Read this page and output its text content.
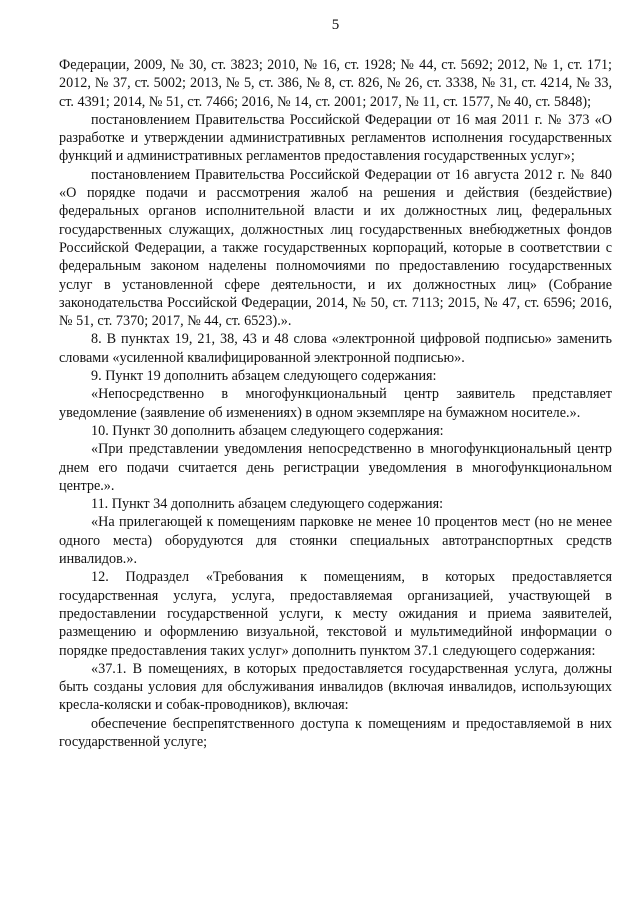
5

Федерации, 2009, № 30, ст. 3823; 2010, № 16, ст. 1928; № 44, ст. 5692; 2012, № 1, ст. 171; 2012, № 37, ст. 5002; 2013, № 5, ст. 386, № 8, ст. 826, № 26, ст. 3338, № 31, ст. 4214, № 33, ст. 4391; 2014, № 51, ст. 7466; 2016, № 14, ст. 2001; 2017, № 11, ст. 1577, № 40, ст. 5848);

постановлением Правительства Российской Федерации от 16 мая 2011 г. № 373 «О разработке и утверждении административных регламентов исполнения государственных функций и административных регламентов предоставления государственных услуг»;

постановлением Правительства Российской Федерации от 16 августа 2012 г. № 840 «О порядке подачи и рассмотрения жалоб на решения и действия (бездействие) федеральных органов исполнительной власти и их должностных лиц, федеральных государственных служащих, должностных лиц государственных внебюджетных фондов Российской Федерации, а также государственных корпораций, которые в соответствии с федеральным законом наделены полномочиями по предоставлению государственных услуг в установленной сфере деятельности, и их должностных лиц» (Собрание законодательства Российской Федерации, 2014, № 50, ст. 7113; 2015, № 47, ст. 6596; 2016, № 51, ст. 7370; 2017, № 44, ст. 6523).».

8. В пунктах 19, 21, 38, 43 и 48 слова «электронной цифровой подписью» заменить словами «усиленной квалифицированной электронной подписью».

9. Пункт 19 дополнить абзацем следующего содержания:

«Непосредственно в многофункциональный центр заявитель представляет уведомление (заявление об изменениях) в одном экземпляре на бумажном носителе.».

10. Пункт 30 дополнить абзацем следующего содержания:

«При представлении уведомления непосредственно в многофункциональный центр днем его подачи считается день регистрации уведомления в многофункциональном центре.».

11. Пункт 34 дополнить абзацем следующего содержания:

«На прилегающей к помещениям парковке не менее 10 процентов мест (но не менее одного места) оборудуются для стоянки специальных автотранспортных средств инвалидов.».

12. Подраздел «Требования к помещениям, в которых предоставляется государственная услуга, услуга, предоставляемая организацией, участвующей в предоставлении государственной услуги, к месту ожидания и приема заявителей, размещению и оформлению визуальной, текстовой и мультимедийной информации о порядке предоставления таких услуг» дополнить пунктом 37.1 следующего содержания:

«37.1. В помещениях, в которых предоставляется государственная услуга, должны быть созданы условия для обслуживания инвалидов (включая инвалидов, использующих кресла-коляски и собак-проводников), включая:

обеспечение беспрепятственного доступа к помещениям и предоставляемой в них государственной услуге;
